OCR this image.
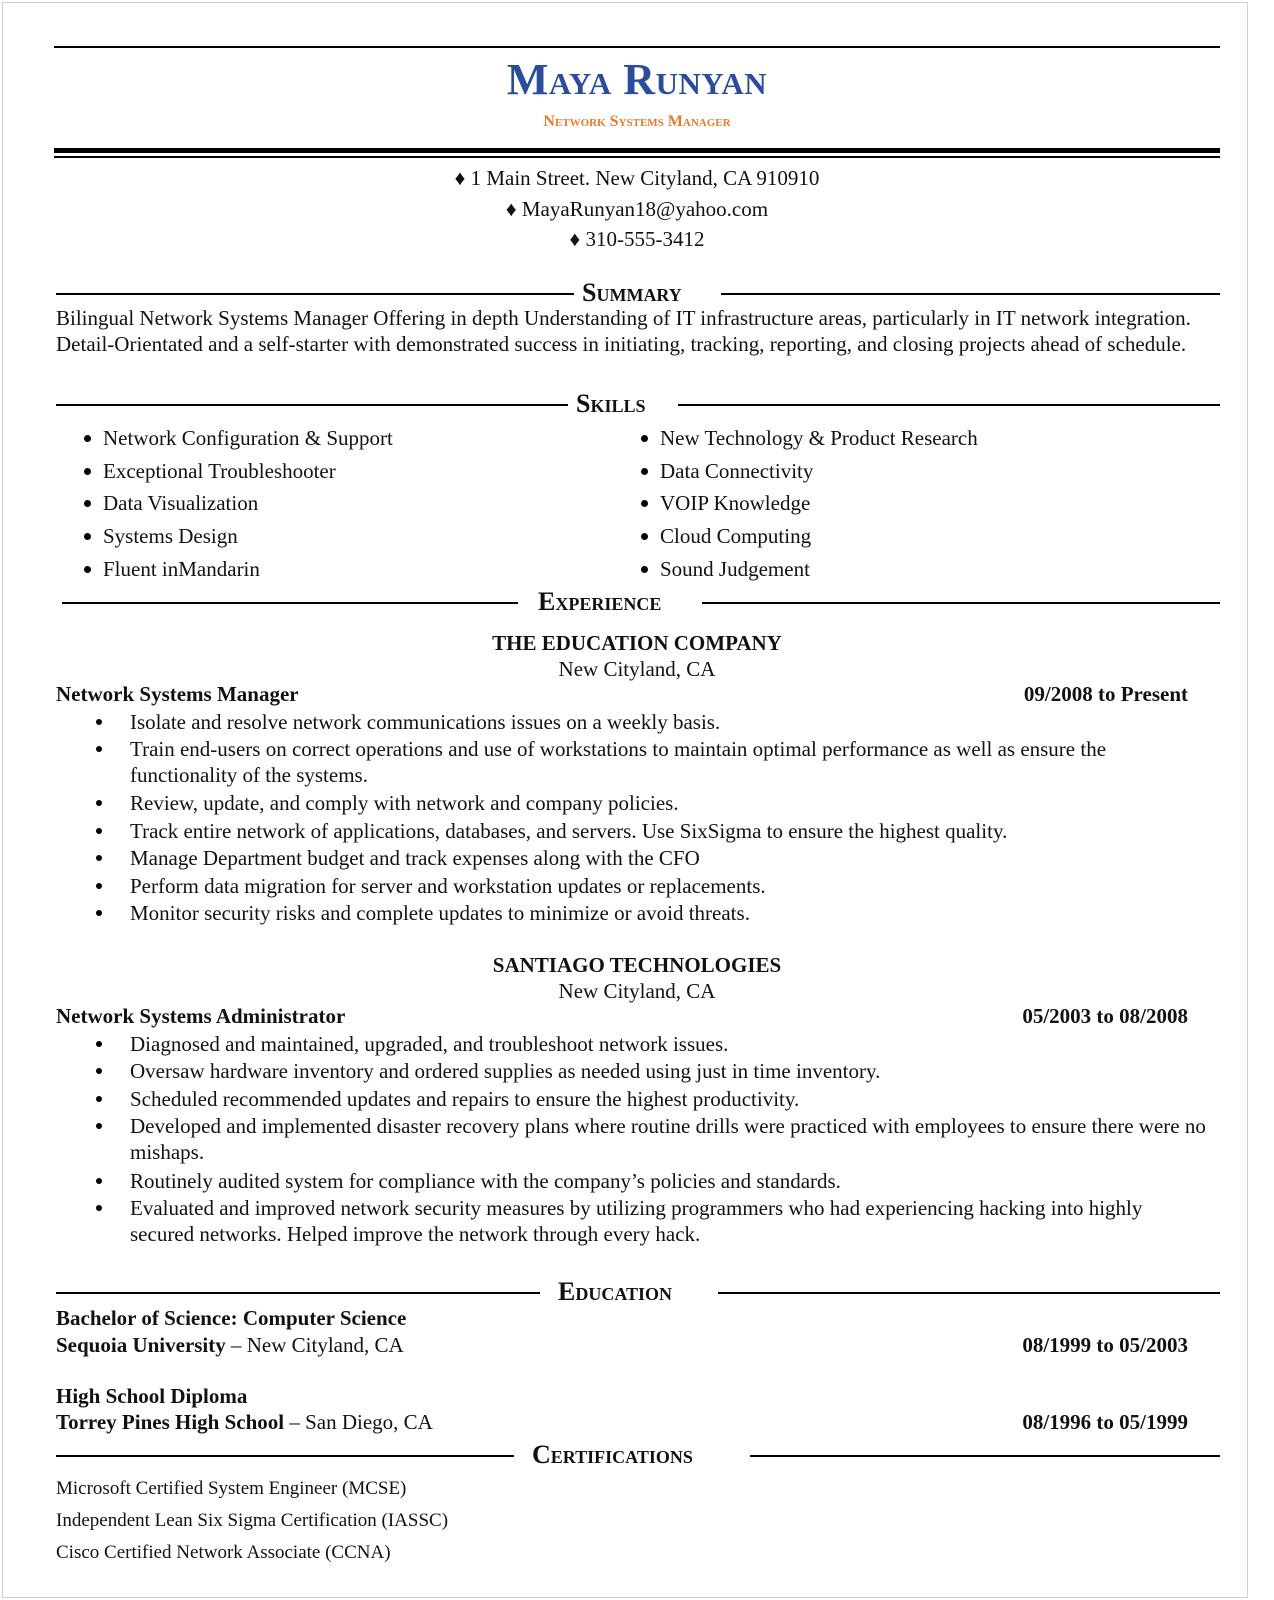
Maya Runyan
Network Systems Manager
♦ 1 Main Street. New Cityland, CA 910910
♦ MayaRunyan18@yahoo.com
♦ 310-555-3412
Summary
Bilingual Network Systems Manager Offering in depth Understanding of IT infrastructure areas, particularly in IT network integration. Detail-Orientated and a self-starter with demonstrated success in initiating, tracking, reporting, and closing projects ahead of schedule.
Skills
Network Configuration & Support
Exceptional Troubleshooter
Data Visualization
Systems Design
Fluent inMandarin
New Technology & Product Research
Data Connectivity
VOIP Knowledge
Cloud Computing
Sound Judgement
Experience
THE EDUCATION COMPANY
New Cityland, CA
Network Systems Manager	09/2008 to Present
Isolate and resolve network communications issues on a weekly basis.
Train end-users on correct operations and use of workstations to maintain optimal performance as well as ensure the functionality of the systems.
Review, update, and comply with network and company policies.
Track entire network of applications, databases, and servers. Use SixSigma to ensure the highest quality.
Manage Department budget and track expenses along with the CFO
Perform data migration for server and workstation updates or replacements.
Monitor security risks and complete updates to minimize or avoid threats.
SANTIAGO TECHNOLOGIES
New Cityland, CA
Network Systems Administrator	05/2003 to 08/2008
Diagnosed and maintained, upgraded, and troubleshoot network issues.
Oversaw hardware inventory and ordered supplies as needed using just in time inventory.
Scheduled recommended updates and repairs to ensure the highest productivity.
Developed and implemented disaster recovery plans where routine drills were practiced with employees to ensure there were no mishaps.
Routinely audited system for compliance with the company’s policies and standards.
Evaluated and improved network security measures by utilizing programmers who had experiencing hacking into highly secured networks. Helped improve the network through every hack.
Education
Bachelor of Science: Computer Science
Sequoia University – New Cityland, CA	08/1999 to 05/2003
High School Diploma
Torrey Pines High School – San Diego, CA	08/1996 to 05/1999
Certifications
Microsoft Certified System Engineer (MCSE)
Independent Lean Six Sigma Certification (IASSC)
Cisco Certified Network Associate (CCNA)
